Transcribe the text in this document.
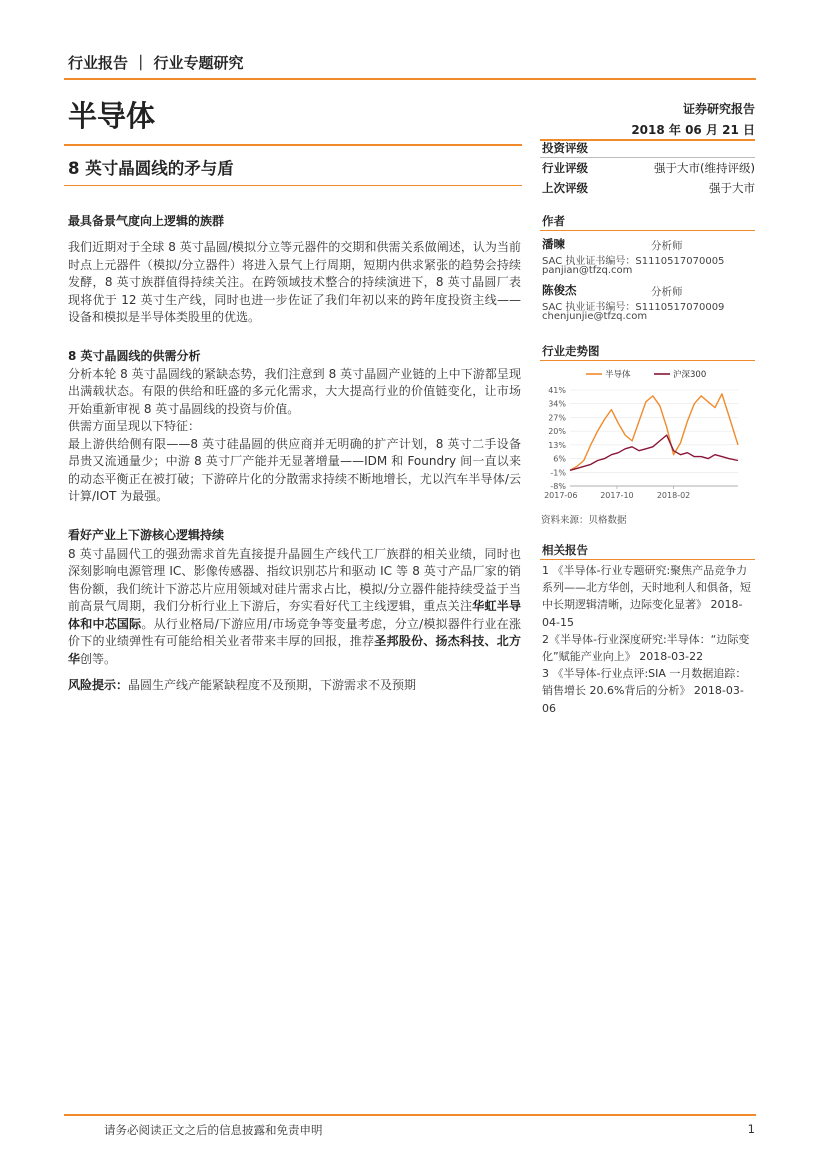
行业报告 ｜ 行业专题研究
半导体	证券研究报告
2018 年 06 月 21 日
8 英寸晶圆线的矛与盾
最具备景气度向上逻辑的族群
我们近期对于全球 8 英寸晶圆/模拟分立等元器件的交期和供需关系做阐述，认为当前时点上元器件（模拟/分立器件）将进入景气上行周期，短期内供求紧张的趋势会持续发酵，8 英寸族群值得持续关注。在跨领域技术整合的持续演进下，8 英寸晶圆厂表现将优于 12 英寸生产线，同时也进一步佐证了我们年初以来的跨年度投资主线——设备和模拟是半导体类股里的优选。
8 英寸晶圆线的供需分析
分析本轮 8 英寸晶圆线的紧缺态势，我们注意到 8 英寸晶圆产业链的上中下游都呈现出满载状态。有限的供给和旺盛的多元化需求，大大提高行业的价值链变化，让市场开始重新审视 8 英寸晶圆线的投资与价值。
供需方面呈现以下特征：
最上游供给侧有限——8 英寸硅晶圆的供应商并无明确的扩产计划，8 英寸二手设备昂贵又流通量少；中游 8 英寸厂产能并无显著增量——IDM 和 Foundry 间一直以来的动态平衡正在被打破；下游碎片化的分散需求持续不断地增长，尤以汽车半导体/云计算/IOT 为最强。
看好产业上下游核心逻辑持续
8 英寸晶圆代工的强劲需求首先直接提升晶圆生产线代工厂族群的相关业绩，同时也深刻影响电源管理 IC、影像传感器、指纹识别芯片和驱动 IC 等 8 英寸产品厂家的销售份额，我们统计下游芯片应用领域对硅片需求占比，模拟/分立器件能持续受益于当前高景气周期，我们分析行业上下游后，夯实看好代工主线逻辑，重点关注华虹半导体和中芯国际。从行业格局/下游应用/市场竞争等变量考虑，分立/模拟器件行业在涨价下的业绩弹性有可能给相关业者带来丰厚的回报，推荐圣邦股份、扬杰科技、北方华创等。
风险提示：晶圆生产线产能紧缺程度不及预期，下游需求不及预期
投资评级
行业评级	强于大市(维持评级)
上次评级	强于大市
作者
潘暕	分析师
SAC 执业证书编号：S1110517070005
panjian@tfzq.com
陈俊杰	分析师
SAC 执业证书编号：S1110517070009
chenjunjie@tfzq.com
行业走势图
41%
34%
27%
20%
13%
6%
-1%
-8%
2017-06	2017-10	2018-02
半导体	沪深300
资料来源：贝格数据
相关报告
1 《半导体-行业专题研究:聚焦产品竞争力系列——北方华创，天时地利人和俱备，短中长期逻辑清晰，边际变化显著》 2018-04-15
2《半导体-行业深度研究:半导体：“边际变化”赋能产业向上》 2018-03-22
3 《半导体-行业点评:SIA 一月数据追踪：销售增长 20.6%背后的分析》 2018-03-06
请务必阅读正文之后的信息披露和免责申明	1
